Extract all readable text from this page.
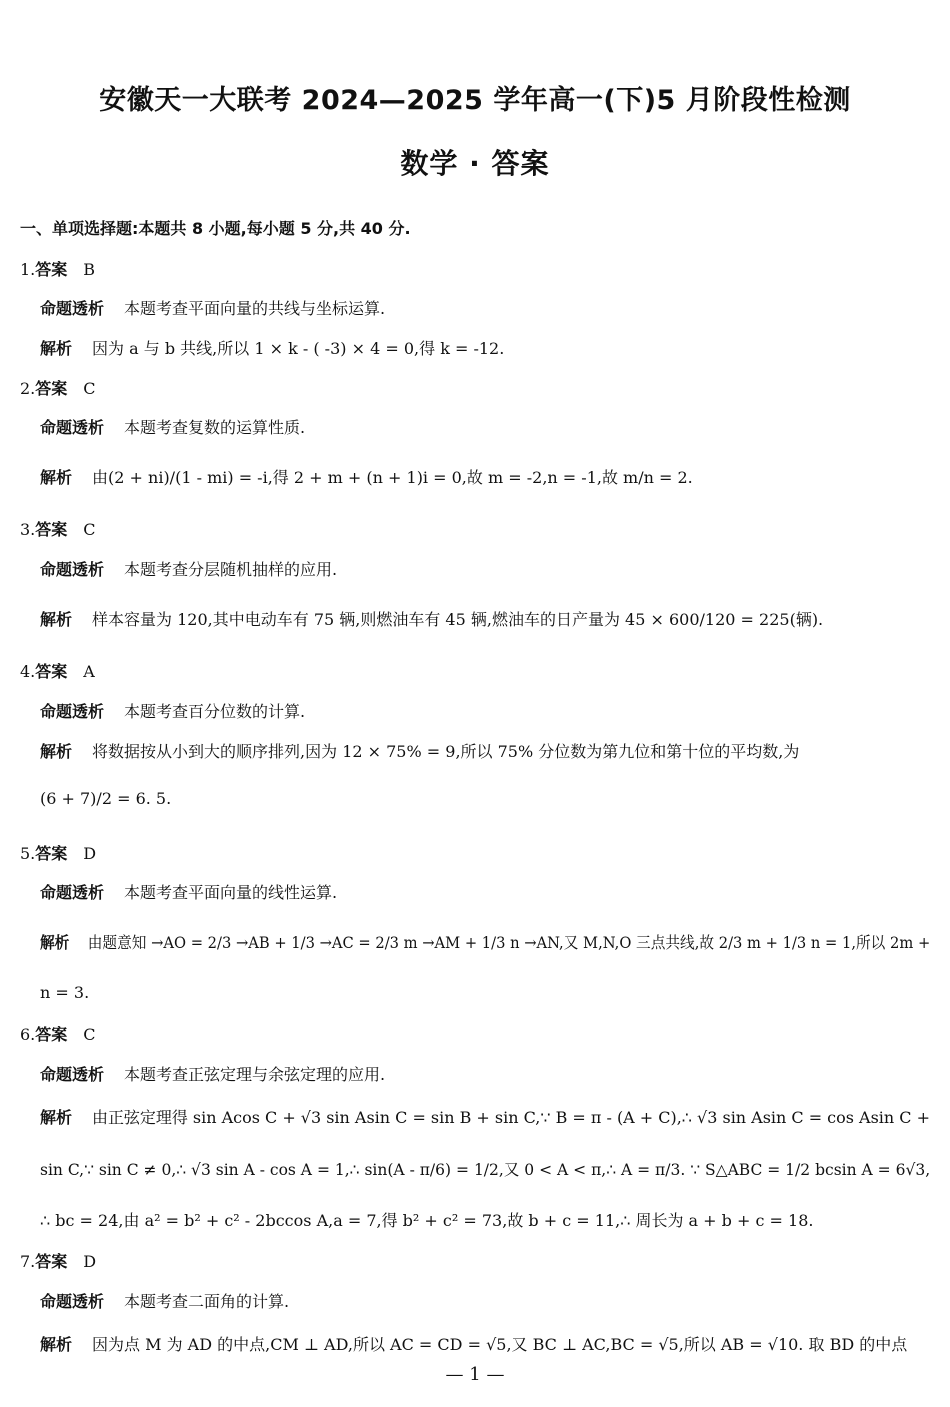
安徽天一大联考 2024—2025 学年高一(下)5 月阶段性检测
数学 · 答案
一、单项选择题:本题共 8 小题,每小题 5 分,共 40 分.
1.答案 B
命题透析 本题考查平面向量的共线与坐标运算.
解析 因为 a 与 b 共线,所以 1 × k - ( -3) × 4 = 0,得 k = -12.
2.答案 C
命题透析 本题考查复数的运算性质.
解析 由(2 + ni)/(1 - mi) = -i,得 2 + m + (n + 1)i = 0,故 m = -2,n = -1,故 m/n = 2.
3.答案 C
命题透析 本题考查分层随机抽样的应用.
解析 样本容量为 120,其中电动车有 75 辆,则燃油车有 45 辆,燃油车的日产量为 45 × 600/120 = 225(辆).
4.答案 A
命题透析 本题考查百分位数的计算.
解析 将数据按从小到大的顺序排列,因为 12 × 75% = 9,所以 75% 分位数为第九位和第十位的平均数,为
(6 + 7)/2 = 6. 5.
5.答案 D
命题透析 本题考查平面向量的线性运算.
解析 由题意知 →AO = 2/3 →AB + 1/3 →AC = 2/3 m →AM + 1/3 n →AN,又 M,N,O 三点共线,故 2/3 m + 1/3 n = 1,所以 2m +
n = 3.
6.答案 C
命题透析 本题考查正弦定理与余弦定理的应用.
解析 由正弦定理得 sin Acos C + √3 sin Asin C = sin B + sin C,∵ B = π - (A + C),∴ √3 sin Asin C = cos Asin C +
sin C,∵ sin C ≠ 0,∴ √3 sin A - cos A = 1,∴ sin(A - π/6) = 1/2,又 0 < A < π,∴ A = π/3. ∵ S△ABC = 1/2 bcsin A = 6√3,
∴ bc = 24,由 a² = b² + c² - 2bccos A,a = 7,得 b² + c² = 73,故 b + c = 11,∴ 周长为 a + b + c = 18.
7.答案 D
命题透析 本题考查二面角的计算.
解析 因为点 M 为 AD 的中点,CM ⊥ AD,所以 AC = CD = √5,又 BC ⊥ AC,BC = √5,所以 AB = √10. 取 BD 的中点
— 1 —
